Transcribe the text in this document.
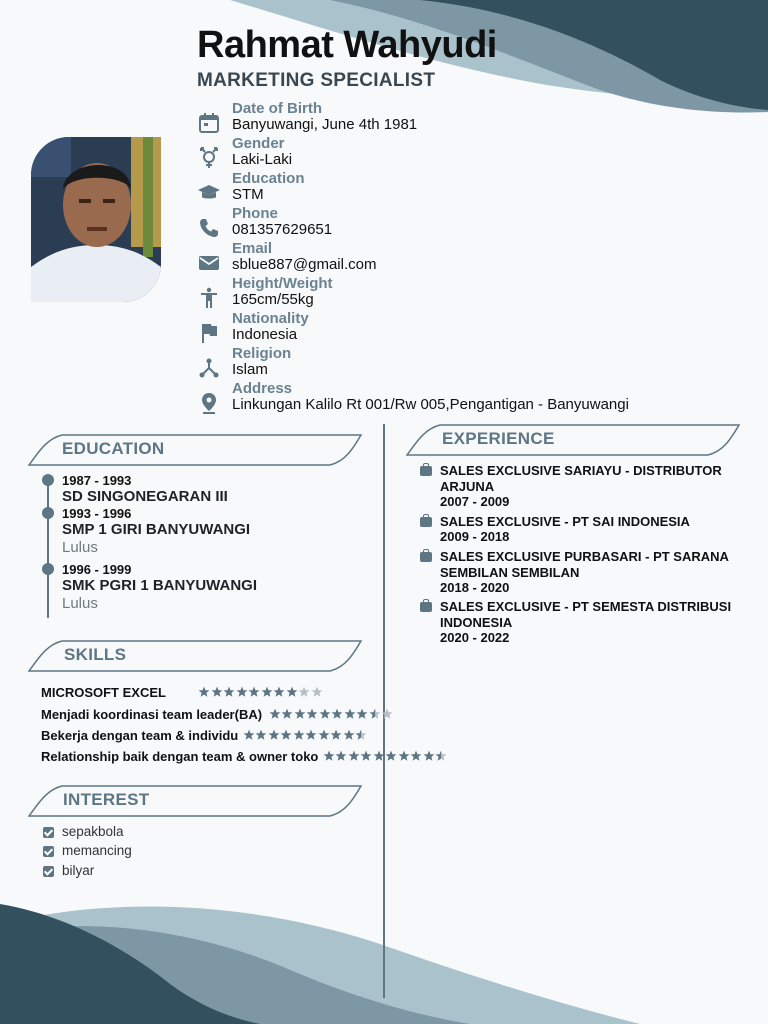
Rahmat Wahyudi
MARKETING SPECIALIST
Date of Birth
Banyuwangi, June 4th 1981
Gender
Laki-Laki
Education
STM
Phone
081357629651
Email
sblue887@gmail.com
Height/Weight
165cm/55kg
Nationality
Indonesia
Religion
Islam
Address
Linkungan Kalilo Rt 001/Rw 005,Pengantigan - Banyuwangi
EDUCATION
1987 - 1993
SD SINGONEGARAN III
1993 - 1996
SMP 1 GIRI BANYUWANGI
Lulus
1996 - 1999
SMK PGRI 1 BANYUWANGI
Lulus
EXPERIENCE
SALES EXCLUSIVE SARIAYU - DISTRIBUTOR ARJUNA
2007 - 2009
SALES EXCLUSIVE - PT SAI INDONESIA
2009 - 2018
SALES EXCLUSIVE PURBASARI - PT SARANA SEMBILAN SEMBILAN
2018 - 2020
SALES EXCLUSIVE - PT SEMESTA DISTRIBUSI INDONESIA
2020 - 2022
SKILLS
MICROSOFT EXCEL
Menjadi koordinasi team leader(BA)
Bekerja dengan team & individu
Relationship baik dengan team & owner toko
INTEREST
sepakbola
memancing
bilyar
